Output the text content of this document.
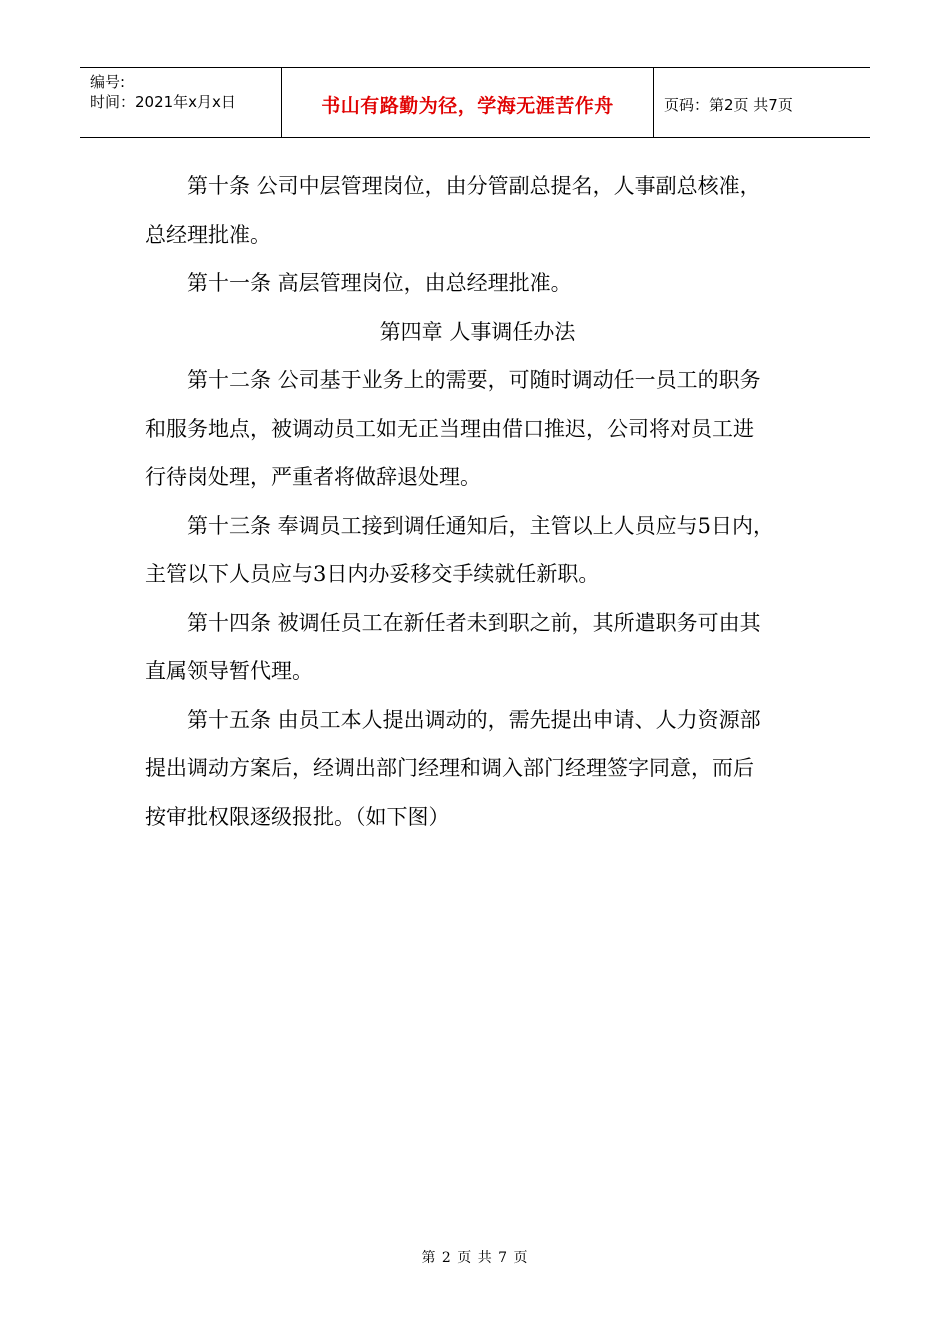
编号:
时间：2021年x月x日	书山有路勤为径，学海无涯苦作舟	页码：第2页 共7页

第十条 公司中层管理岗位，由分管副总提名，人事副总核准，

总经理批准。

第十一条 高层管理岗位，由总经理批准。

第四章 人事调任办法

第十二条 公司基于业务上的需要，可随时调动任一员工的职务

和服务地点，被调动员工如无正当理由借口推迟，公司将对员工进

行待岗处理，严重者将做辞退处理。

第十三条 奉调员工接到调任通知后，主管以上人员应与5日内，

主管以下人员应与3日内办妥移交手续就任新职。

第十四条 被调任员工在新任者未到职之前，其所遣职务可由其

直属领导暂代理。

第十五条 由员工本人提出调动的，需先提出申请、人力资源部

提出调动方案后，经调出部门经理和调入部门经理签字同意，而后

按审批权限逐级报批。（如下图）

第 2 页 共 7 页
